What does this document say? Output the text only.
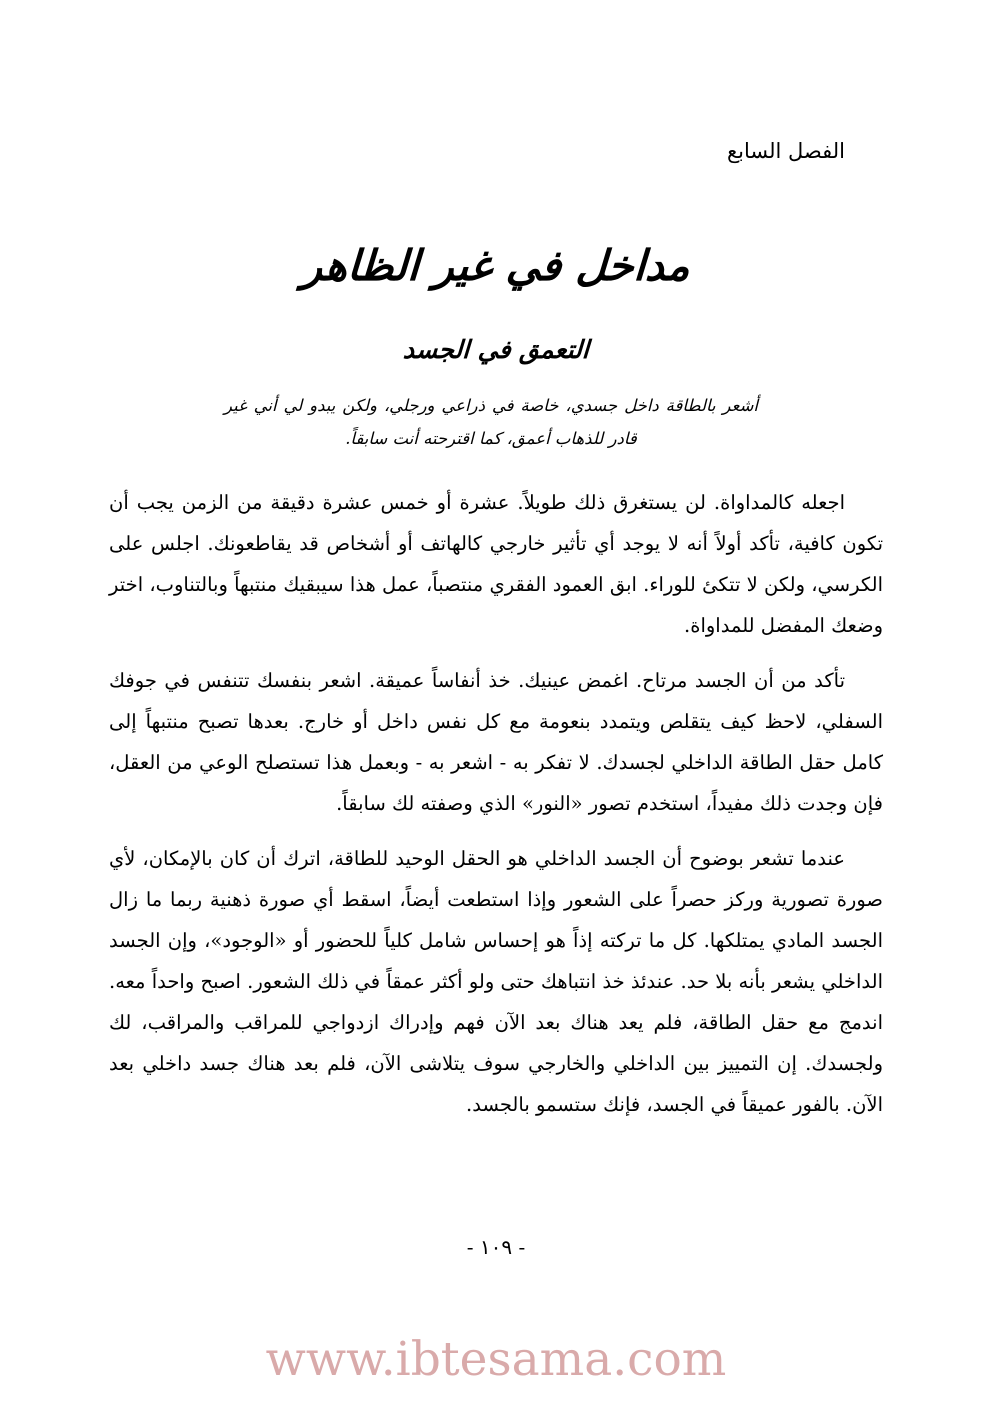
الفصل السابع
مداخل في غير الظاهر
التعمق في الجسد
أشعر بالطاقة داخل جسدي، خاصة في ذراعي ورجلي، ولكن يبدو لي أني غير قادر للذهاب أعمق، كما اقترحته أنت سابقاً.

اجعله كالمداواة. لن يستغرق ذلك طويلاً. عشرة أو خمس عشرة دقيقة من الزمن يجب أن تكون كافية، تأكد أولاً أنه لا يوجد أي تأثير خارجي كالهاتف أو أشخاص قد يقاطعونك. اجلس على الكرسي، ولكن لا تتكئ للوراء. ابق العمود الفقري منتصباً، عمل هذا سيبقيك منتبهاً وبالتناوب، اختر وضعك المفضل للمداواة.

تأكد من أن الجسد مرتاح. اغمض عينيك. خذ أنفاساً عميقة. اشعر بنفسك تتنفس في جوفك السفلي، لاحظ كيف يتقلص ويتمدد بنعومة مع كل نفس داخل أو خارج. بعدها تصبح منتبهاً إلى كامل حقل الطاقة الداخلي لجسدك. لا تفكر به - اشعر به - وبعمل هذا تستصلح الوعي من العقل، فإن وجدت ذلك مفيداً، استخدم تصور «النور» الذي وصفته لك سابقاً.

عندما تشعر بوضوح أن الجسد الداخلي هو الحقل الوحيد للطاقة، اترك أن كان بالإمكان، لأي صورة تصورية وركز حصراً على الشعور وإذا استطعت أيضاً، اسقط أي صورة ذهنية ربما ما زال الجسد المادي يمتلكها. كل ما تركته إذاً هو إحساس شامل كلياً للحضور أو «الوجود»، وإن الجسد الداخلي يشعر بأنه بلا حد. عندئذ خذ انتباهك حتى ولو أكثر عمقاً في ذلك الشعور. اصبح واحداً معه. اندمج مع حقل الطاقة، فلم يعد هناك بعد الآن فهم وإدراك ازدواجي للمراقب والمراقب، لك ولجسدك. إن التمييز بين الداخلي والخارجي سوف يتلاشى الآن، فلم بعد هناك جسد داخلي بعد الآن. بالفور عميقاً في الجسد، فإنك ستسمو بالجسد.

- ١٠٩ -
www.ibtesama.com
